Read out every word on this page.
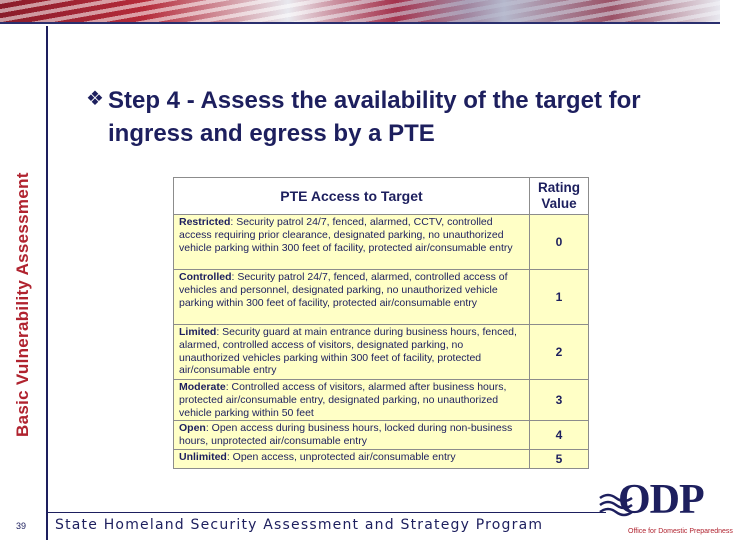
Basic Vulnerability Assessment
39
❖ Step 4 - Assess the availability of the target for ingress and egress by a PTE
PTE Access to Target	Rating Value
Restricted: Security patrol 24/7, fenced, alarmed, CCTV, controlled access requiring prior clearance, designated parking, no unauthorized vehicle parking within 300 feet of facility, protected air/consumable entry	0
Controlled: Security patrol 24/7, fenced, alarmed, controlled access of vehicles and personnel, designated parking, no unauthorized vehicle parking within 300 feet of facility, protected air/consumable entry	1
Limited: Security guard at main entrance during business hours, fenced, alarmed, controlled access of visitors, designated parking, no unauthorized vehicles parking within 300 feet of facility, protected air/consumable entry	2
Moderate: Controlled access of visitors, alarmed after business hours, protected air/consumable entry, designated parking, no unauthorized vehicle parking within 50 feet	3
Open: Open access during business hours, locked during non-business hours, unprotected air/consumable entry	4
Unlimited: Open access, unprotected air/consumable entry	5
State Homeland Security Assessment and Strategy Program
ODP
Office for Domestic Preparedness
